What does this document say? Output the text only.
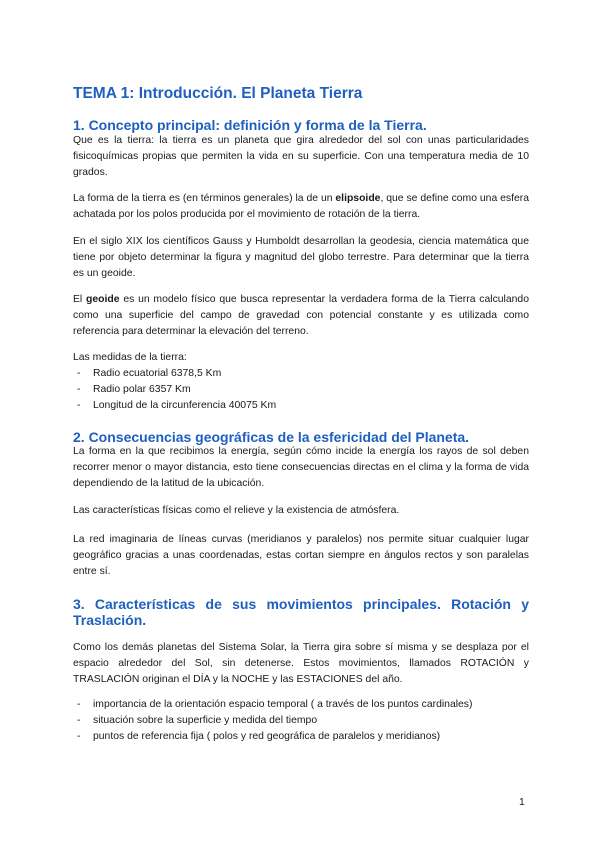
TEMA 1: Introducción. El Planeta Tierra
1. Concepto principal: definición y forma de la Tierra.

Que es la tierra: la tierra es un planeta que gira alrededor del sol con unas particularidades fisicoquímicas propias que permiten la vida en su superficie. Con una temperatura media de 10 grados.

La forma de la tierra es (en términos generales) la de un elipsoide, que se define como una esfera achatada por los polos producida por el movimiento de rotación de la tierra.

En el siglo XIX los científicos Gauss y Humboldt desarrollan la geodesia, ciencia matemática que tiene por objeto determinar la figura y magnitud del globo terrestre. Para determinar que la tierra es un geoide.

El geoide es un modelo físico que busca representar la verdadera forma de la Tierra calculando como una superficie del campo de gravedad con potencial constante y es utilizada como referencia para determinar la elevación del terreno.

Las medidas de la tierra:

- Radio ecuatorial 6378,5 Km
- Radio polar 6357 Km
- Longitud de la circunferencia 40075 Km
2. Consecuencias geográficas de la esfericidad del Planeta.

La forma en la que recibimos la energía, según cómo incide la energía los rayos de sol deben recorrer menor o mayor distancia, esto tiene consecuencias directas en el clima y la forma de vida dependiendo de la latitud de la ubicación.

Las características físicas como el relieve y la existencia de atmósfera.

La red imaginaria de líneas curvas (meridianos y paralelos) nos permite situar cualquier lugar geográfico gracias a unas coordenadas, estas cortan siempre en ángulos rectos y son paralelas entre sí.

3. Características de sus movimientos principales. Rotación y
Traslación.

Como los demás planetas del Sistema Solar, la Tierra gira sobre sí misma y se desplaza por el espacio alrededor del Sol, sin detenerse. Estos movimientos, llamados ROTACIÓN y TRASLACIÓN originan el DÍA y la NOCHE y las ESTACIONES del año.

- importancia de la orientación espacio temporal ( a través de los puntos cardinales)
- situación sobre la superficie y medida del tiempo
- puntos de referencia fija ( polos y red geográfica de paralelos y meridianos)
1
